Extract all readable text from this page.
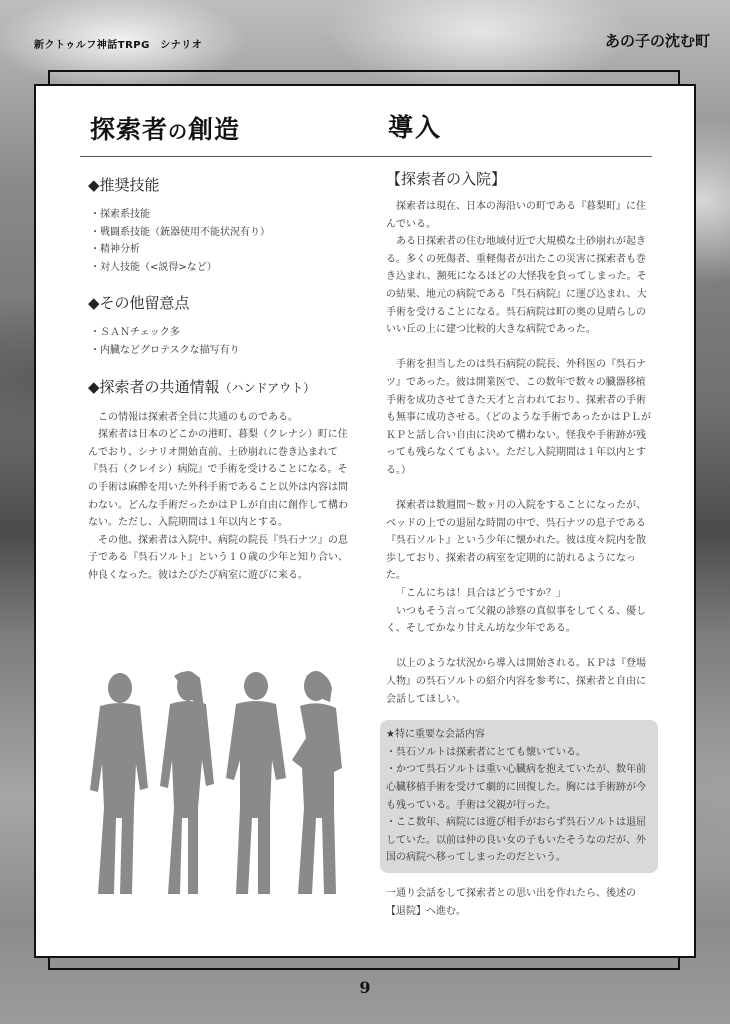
新クトゥルフ神話TRPG　シナリオ	あの子の沈む町
探索者の創造	導入
◆推奨技能
・探索系技能
・戦闘系技能（銃器使用不能状況有り）
・精神分析
・対人技能（<説得>など）
◆その他留意点
・ＳＡＮチェック多
・内臓などグロテスクな描写有り
◆探索者の共通情報（ハンドアウト）

この情報は探索者全員に共通のものである。

探索者は日本のどこかの港町、暮梨（クレナシ）町に住んでおり、シナリオ開始直前、土砂崩れに巻き込まれて『呉石（クレイシ）病院』で手術を受けることになる。その手術は麻酔を用いた外科手術であること以外は内容は問わない。どんな手術だったかはＰＬが自由に創作して構わない。ただし、入院期間は１年以内とする。

その他、探索者は入院中、病院の院長『呉石ナツ』の息子である『呉石ソルト』という１０歳の少年と知り合い、仲良くなった。彼はたびたび病室に遊びに来る。

【探索者の入院】

探索者は現在、日本の海沿いの町である『暮梨町』に住んでいる。

ある日探索者の住む地域付近で大規模な土砂崩れが起きる。多くの死傷者、重軽傷者が出たこの災害に探索者も巻き込まれ、瀕死になるほどの大怪我を負ってしまった。その結果、地元の病院である『呉石病院』に運び込まれ、大手術を受けることになる。呉石病院は町の奥の見晴らしのいい丘の上に建つ比較的大きな病院であった。

手術を担当したのは呉石病院の院長、外科医の『呉石ナツ』であった。彼は開業医で、この数年で数々の臓器移植手術を成功させてきた天才と言われており、探索者の手術も無事に成功させる。（どのような手術であったかはＰＬがＫＰと話し合い自由に決めて構わない。怪我や手術跡が残っても残らなくてもよい。ただし入院期間は１年以内とする。）

探索者は数週間～数ヶ月の入院をすることになったが、ベッドの上での退屈な時間の中で、呉石ナツの息子である『呉石ソルト』という少年に懐かれた。彼は度々院内を散歩しており、探索者の病室を定期的に訪れるようになった。

「こんにちは！具合はどうですか？」

いつもそう言って父親の診察の真似事をしてくる、優しく、そしてかなり甘えん坊な少年である。

以上のような状況から導入は開始される。ＫＰは『登場人物』の呉石ソルトの紹介内容を参考に、探索者と自由に会話してほしい。

★特に重要な会話内容

・呉石ソルトは探索者にとても懐いている。

・かつて呉石ソルトは重い心臓病を抱えていたが、数年前心臓移植手術を受けて劇的に回復した。胸には手術跡が今も残っている。手術は父親が行った。

・ここ数年、病院には遊び相手がおらず呉石ソルトは退屈していた。以前は仲の良い女の子もいたそうなのだが、外国の病院へ移ってしまったのだという。

一通り会話をして探索者との思い出を作れたら、後述の【退院】へ進む。

9
